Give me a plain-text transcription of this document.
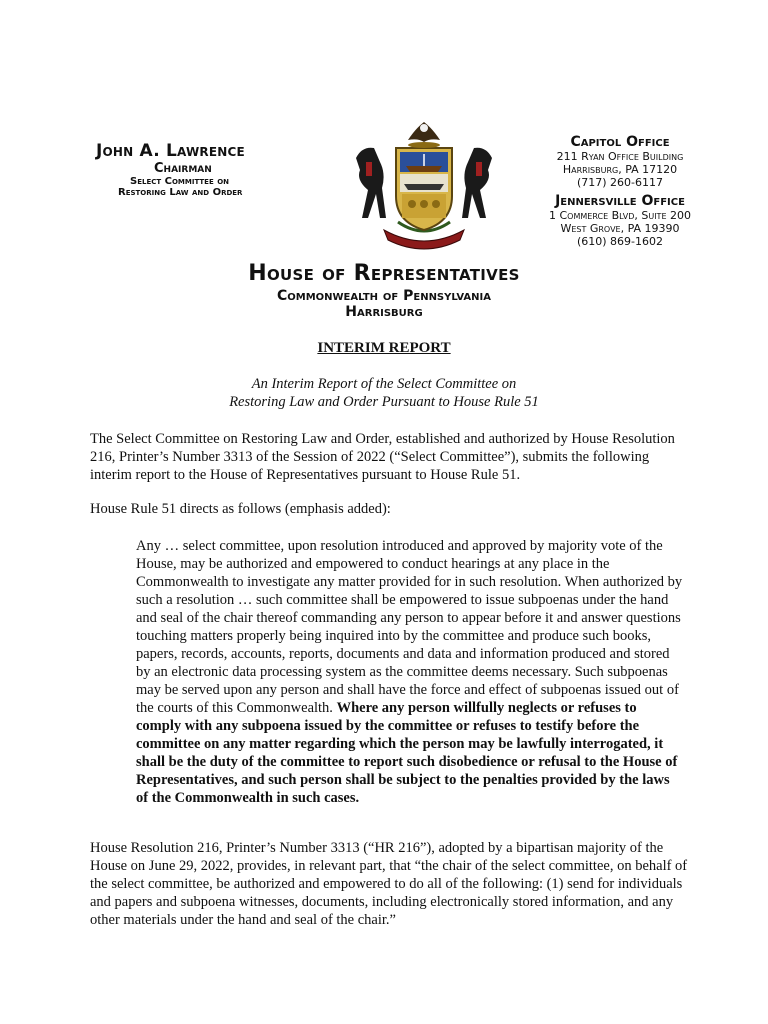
John A. Lawrence
Chairman
Select Committee on
Restoring Law and Order
Capitol Office
211 Ryan Office Building
Harrisburg, PA 17120
(717) 260-6117
Jennersville Office
1 Commerce Blvd, Suite 200
West Grove, PA 19390
(610) 869-1602
House of Representatives
Commonwealth of Pennsylvania
Harrisburg
INTERIM REPORT
An Interim Report of the Select Committee on
Restoring Law and Order Pursuant to House Rule 51

The Select Committee on Restoring Law and Order, established and authorized by House Resolution 216, Printer’s Number 3313 of the Session of 2022 (“Select Committee”), submits the following interim report to the House of Representatives pursuant to House Rule 51.

House Rule 51 directs as follows (emphasis added):

Any … select committee, upon resolution introduced and approved by majority vote of the House, may be authorized and empowered to conduct hearings at any place in the Commonwealth to investigate any matter provided for in such resolution. When authorized by such a resolution … such committee shall be empowered to issue subpoenas under the hand and seal of the chair thereof commanding any person to appear before it and answer questions touching matters properly being inquired into by the committee and produce such books, papers, records, accounts, reports, documents and data and information produced and stored by an electronic data processing system as the committee deems necessary. Such subpoenas may be served upon any person and shall have the force and effect of subpoenas issued out of the courts of this Commonwealth. Where any person willfully neglects or refuses to comply with any subpoena issued by the committee or refuses to testify before the committee on any matter regarding which the person may be lawfully interrogated, it shall be the duty of the committee to report such disobedience or refusal to the House of Representatives, and such person shall be subject to the penalties provided by the laws of the Commonwealth in such cases.

House Resolution 216, Printer’s Number 3313 (“HR 216”), adopted by a bipartisan majority of the House on June 29, 2022, provides, in relevant part, that “the chair of the select committee, on behalf of the select committee, be authorized and empowered to do all of the following: (1) send for individuals and papers and subpoena witnesses, documents, including electronically stored information, and any other materials under the hand and seal of the chair.”
